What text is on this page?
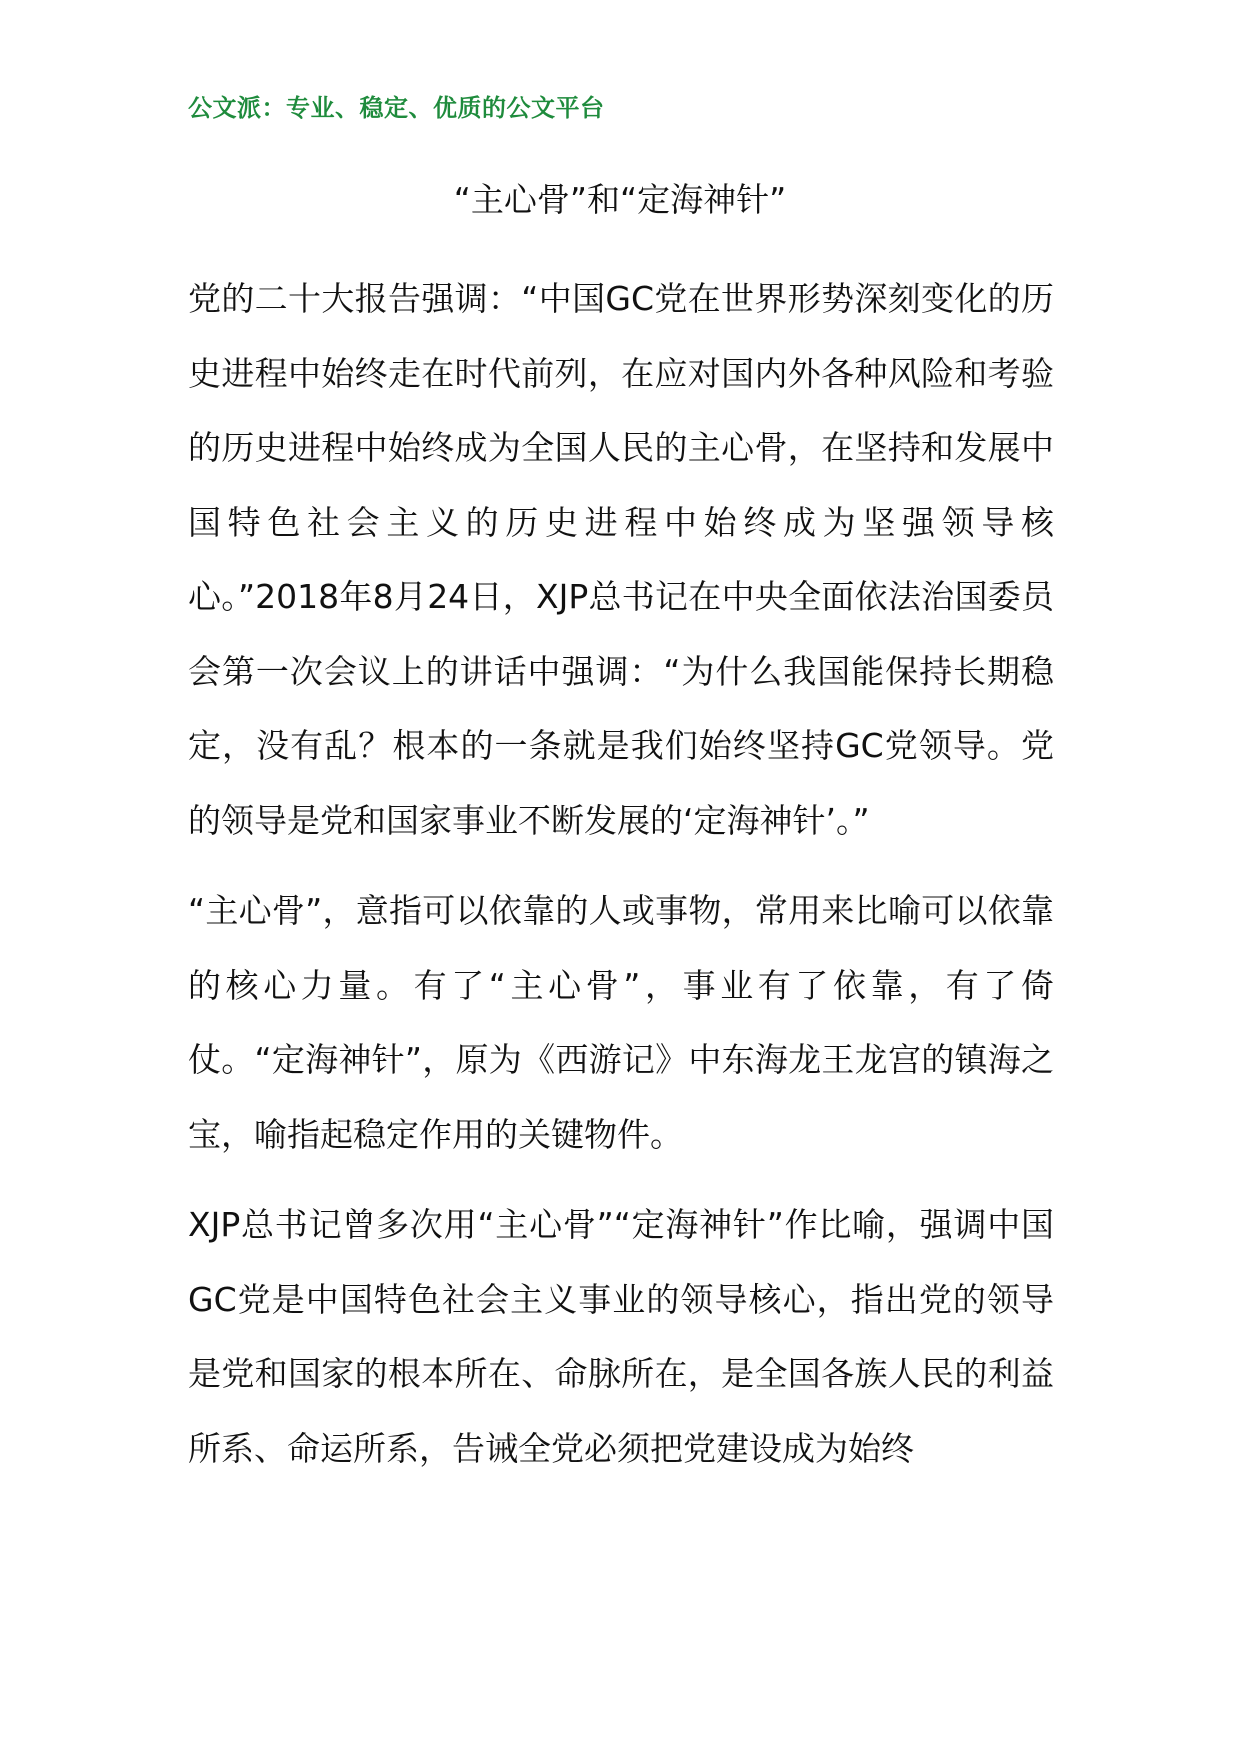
公文派：专业、稳定、优质的公文平台
“主心骨”和“定海神针”

党的二十大报告强调：“中国GC党在世界形势深刻变化的历史进程中始终走在时代前列，在应对国内外各种风险和考验的历史进程中始终成为全国人民的主心骨，在坚持和发展中国特色社会主义的历史进程中始终成为坚强领导核心。”2018年8月24日，XJP总书记在中央全面依法治国委员会第一次会议上的讲话中强调：“为什么我国能保持长期稳定，没有乱？根本的一条就是我们始终坚持GC党领导。党的领导是党和国家事业不断发展的‘定海神针’。”

“主心骨”，意指可以依靠的人或事物，常用来比喻可以依靠的核心力量。有了“主心骨”，事业有了依靠，有了倚仗。“定海神针”，原为《西游记》中东海龙王龙宫的镇海之宝，喻指起稳定作用的关键物件。

XJP总书记曾多次用“主心骨”“定海神针”作比喻，强调中国GC党是中国特色社会主义事业的领导核心，指出党的领导是党和国家的根本所在、命脉所在，是全国各族人民的利益所系、命运所系，告诫全党必须把党建设成为始终
